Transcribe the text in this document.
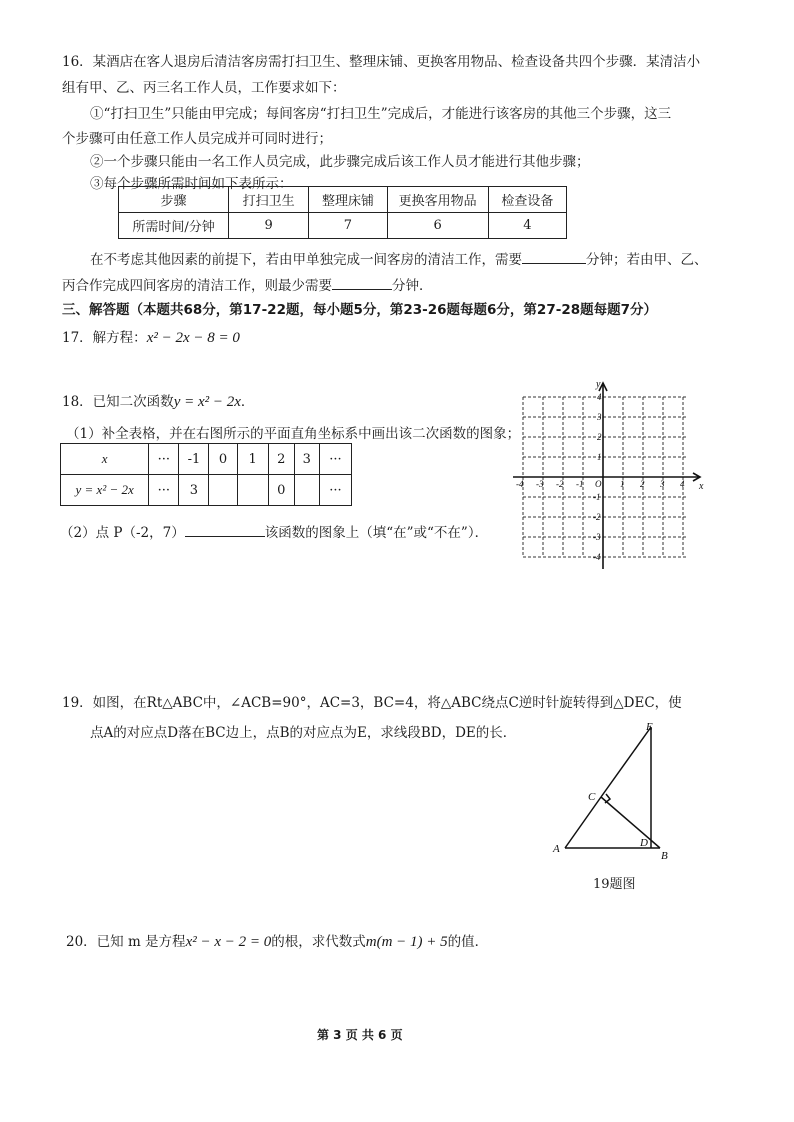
16．某酒店在客人退房后清洁客房需打扫卫生、整理床铺、更换客用物品、检查设备共四个步骤．某清洁小
组有甲、乙、丙三名工作人员，工作要求如下：
①“打扫卫生”只能由甲完成；每间客房“打扫卫生”完成后，才能进行该客房的其他三个步骤，这三
个步骤可由任意工作人员完成并可同时进行；
②一个步骤只能由一名工作人员完成，此步骤完成后该工作人员才能进行其他步骤；
③每个步骤所需时间如下表所示：
步骤	打扫卫生	整理床铺	更换客用物品	检查设备
所需时间/分钟	9	7	6	4
在不考虑其他因素的前提下，若由甲单独完成一间客房的清洁工作，需要	分钟；若由甲、乙、
丙合作完成四间客房的清洁工作，则最少需要	分钟．
三、解答题（本题共68分，第17-22题，每小题5分，第23-26题每题6分，第27-28题每题7分）
17．解方程：x² − 2x − 8 = 0
18．已知二次函数y = x² − 2x．
（1）补全表格，并在右图所示的平面直角坐标系中画出该二次函数的图象；
x	···	-1	0	1	2	3	···
y = x² − 2x	···	3			0		···
（2）点 P（-2，7）	该函数的图象上（填“在”或“不在”）．
-4 -3 -2 -1 O 1 2 3 4
4
3
2
1
-1
-2
-3
-4
x
y
19．如图，在Rt△ABC中，∠ACB=90°，AC=3，BC=4，将△ABC绕点C逆时针旋转得到△DEC，使
点A的对应点D落在BC边上，点B的对应点为E，求线段BD，DE的长．
A
B
C
D
E
19题图
20．已知 m 是方程x² − x − 2 = 0的根，求代数式m(m − 1) + 5的值．
第 3 页 共 6 页
